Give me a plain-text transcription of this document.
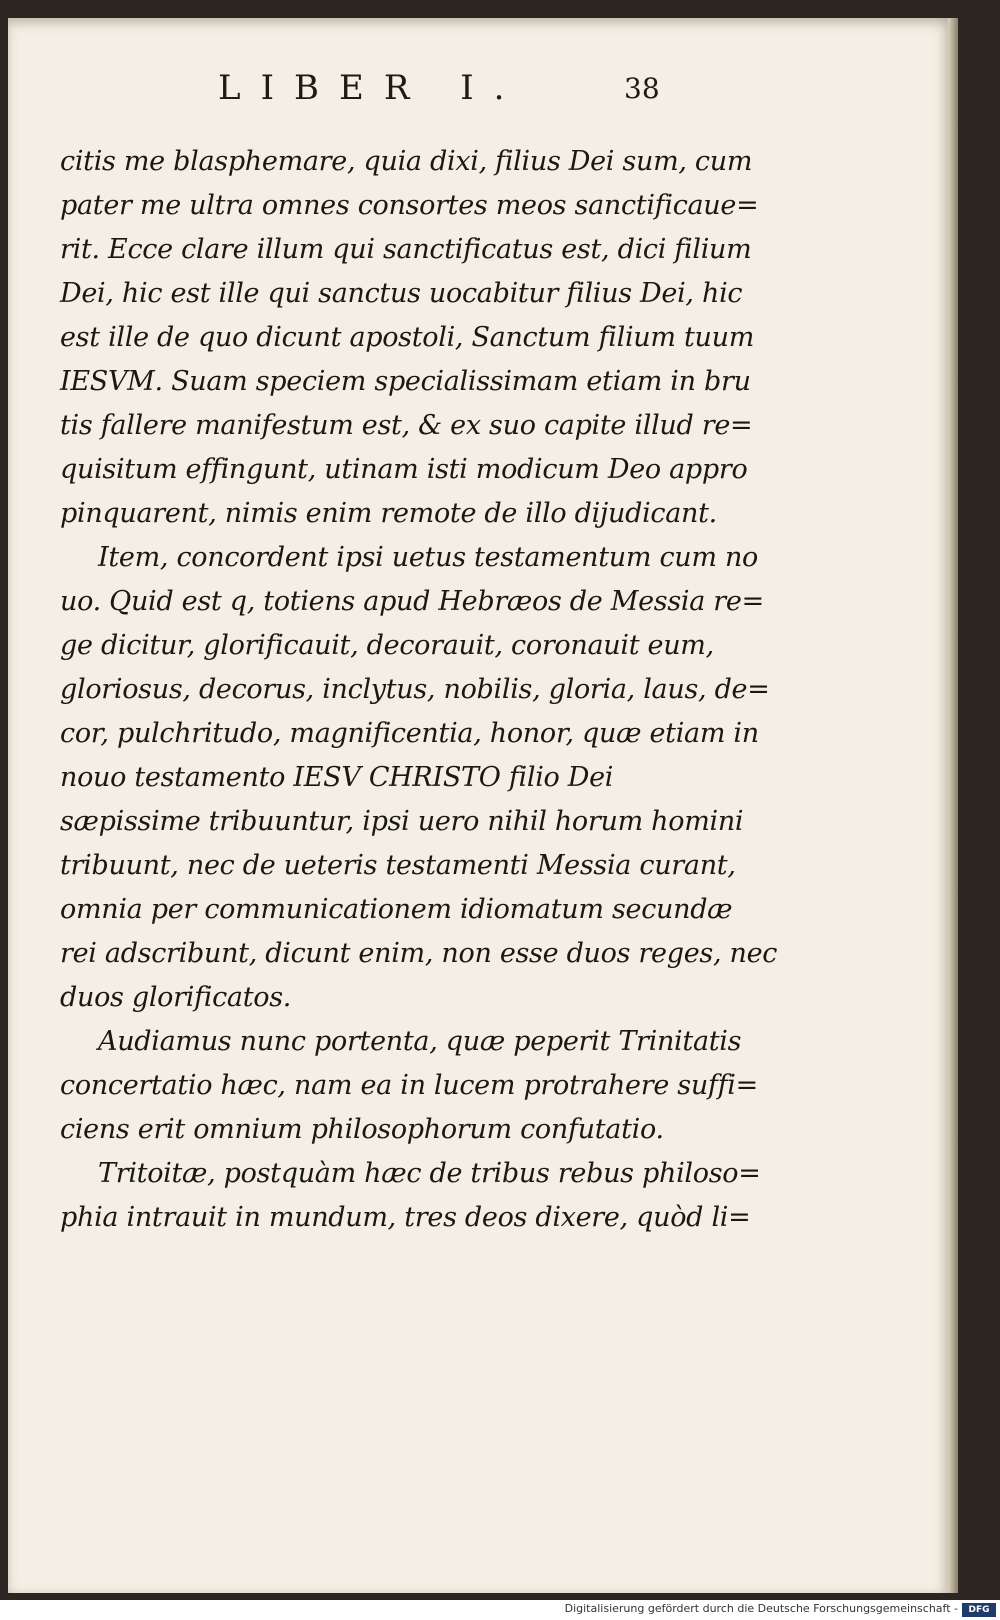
LIBER I.	38
citis me blasphemare, quia dixi, filius Dei sum, cum
pater me ultra omnes consortes meos sanctificaue=
rit. Ecce clare illum qui sanctificatus est, dici filium
Dei, hic est ille qui sanctus uocabitur filius Dei, hic
est ille de quo dicunt apostoli, Sanctum filium tuum
IESVM. Suam speciem specialissimam etiam in bru
tis fallere manifestum est, & ex suo capite illud re=
quisitum effingunt, utinam isti modicum Deo appro
pinquarent, nimis enim remote de illo dijudicant.
Item, concordent ipsi uetus testamentum cum no
uo. Quid est q, totiens apud Hebræos de Messia re=
ge dicitur, glorificauit, decorauit, coronauit eum,
gloriosus, decorus, inclytus, nobilis, gloria, laus, de=
cor, pulchritudo, magnificentia, honor, quæ etiam in
nouo testamento IESV CHRISTO filio Dei
sæpissime tribuuntur, ipsi uero nihil horum homini
tribuunt, nec de ueteris testamenti Messia curant,
omnia per communicationem idiomatum secundæ
rei adscribunt, dicunt enim, non esse duos reges, nec
duos glorificatos.
Audiamus nunc portenta, quæ peperit Trinitatis
concertatio hæc, nam ea in lucem protrahere suffi=
ciens erit omnium philosophorum confutatio.
Tritoitæ, postquàm hæc de tribus rebus philoso=
phia intrauit in mundum, tres deos dixere, quòd li=
Digitalisierung gefördert durch die Deutsche Forschungsgemeinschaft -	DFG
